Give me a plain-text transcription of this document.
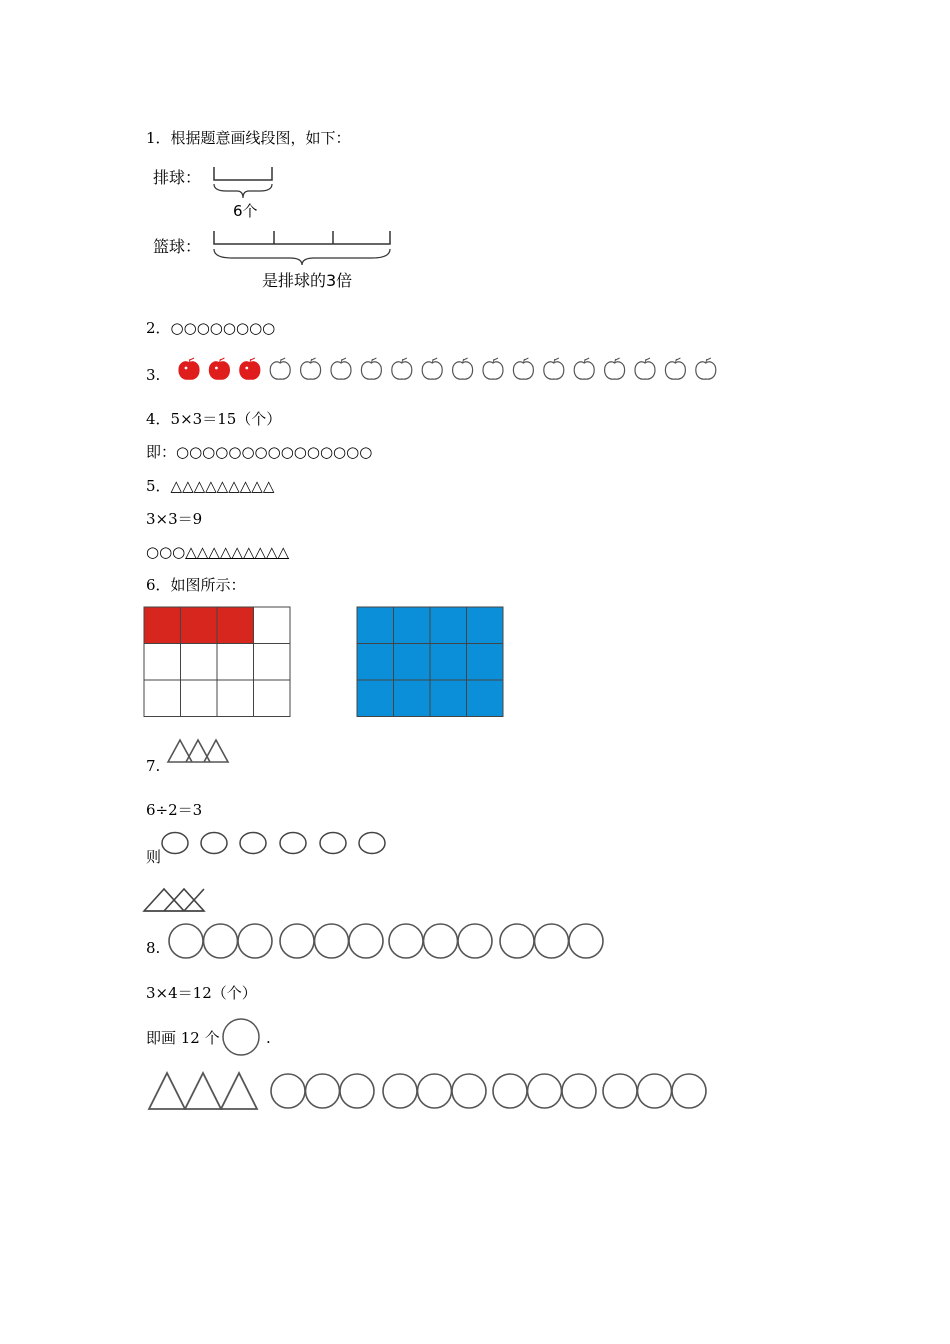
1．根据题意画线段图，如下：
排球：
6个
篮球：
是排球的3倍
2．○○○○○○○○
3.
4．5×3＝15（个）
即：○○○○○○○○○○○○○○○
5．△△△△△△△△△
3×3＝9
○○○△△△△△△△△△
6．如图所示：
7.
6÷2＝3
则
8.
3×4＝12（个）
即画 12 个	.
